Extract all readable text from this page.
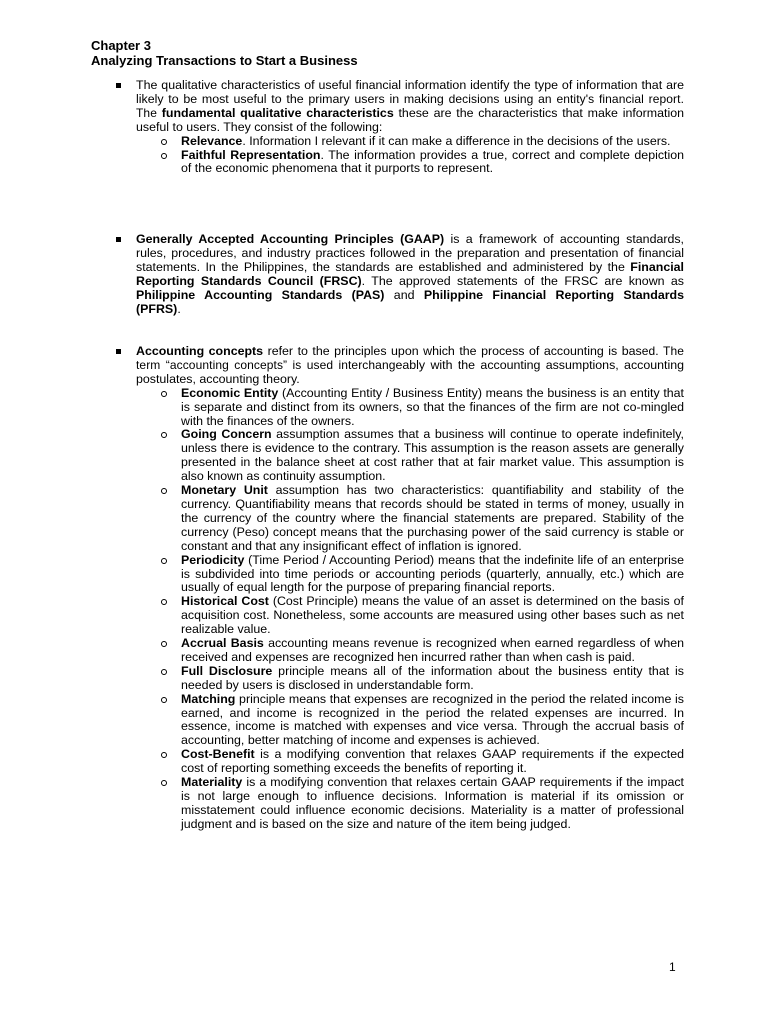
Chapter 3
Analyzing Transactions to Start a Business
The qualitative characteristics of useful financial information identify the type of information that are likely to be most useful to the primary users in making decisions using an entity's financial report. The fundamental qualitative characteristics these are the characteristics that make information useful to users. They consist of the following:
Relevance. Information I relevant if it can make a difference in the decisions of the users.
Faithful Representation. The information provides a true, correct and complete depiction of the economic phenomena that it purports to represent.
Generally Accepted Accounting Principles (GAAP) is a framework of accounting standards, rules, procedures, and industry practices followed in the preparation and presentation of financial statements. In the Philippines, the standards are established and administered by the Financial Reporting Standards Council (FRSC). The approved statements of the FRSC are known as Philippine Accounting Standards (PAS) and Philippine Financial Reporting Standards (PFRS).
Accounting concepts refer to the principles upon which the process of accounting is based. The term “accounting concepts” is used interchangeably with the accounting assumptions, accounting postulates, accounting theory.
Economic Entity (Accounting Entity / Business Entity) means the business is an entity that is separate and distinct from its owners, so that the finances of the firm are not co-mingled with the finances of the owners.
Going Concern assumption assumes that a business will continue to operate indefinitely, unless there is evidence to the contrary. This assumption is the reason assets are generally presented in the balance sheet at cost rather that at fair market value. This assumption is also known as continuity assumption.
Monetary Unit assumption has two characteristics: quantifiability and stability of the currency. Quantifiability means that records should be stated in terms of money, usually in the currency of the country where the financial statements are prepared. Stability of the currency (Peso) concept means that the purchasing power of the said currency is stable or constant and that any insignificant effect of inflation is ignored.
Periodicity (Time Period / Accounting Period) means that the indefinite life of an enterprise is subdivided into time periods or accounting periods (quarterly, annually, etc.) which are usually of equal length for the purpose of preparing financial reports.
Historical Cost (Cost Principle) means the value of an asset is determined on the basis of acquisition cost. Nonetheless, some accounts are measured using other bases such as net realizable value.
Accrual Basis accounting means revenue is recognized when earned regardless of when received and expenses are recognized hen incurred rather than when cash is paid.
Full Disclosure principle means all of the information about the business entity that is needed by users is disclosed in understandable form.
Matching principle means that expenses are recognized in the period the related income is earned, and income is recognized in the period the related expenses are incurred. In essence, income is matched with expenses and vice versa. Through the accrual basis of accounting, better matching of income and expenses is achieved.
Cost-Benefit is a modifying convention that relaxes GAAP requirements if the expected cost of reporting something exceeds the benefits of reporting it.
Materiality is a modifying convention that relaxes certain GAAP requirements if the impact is not large enough to influence decisions. Information is material if its omission or misstatement could influence economic decisions. Materiality is a matter of professional judgment and is based on the size and nature of the item being judged.
1
